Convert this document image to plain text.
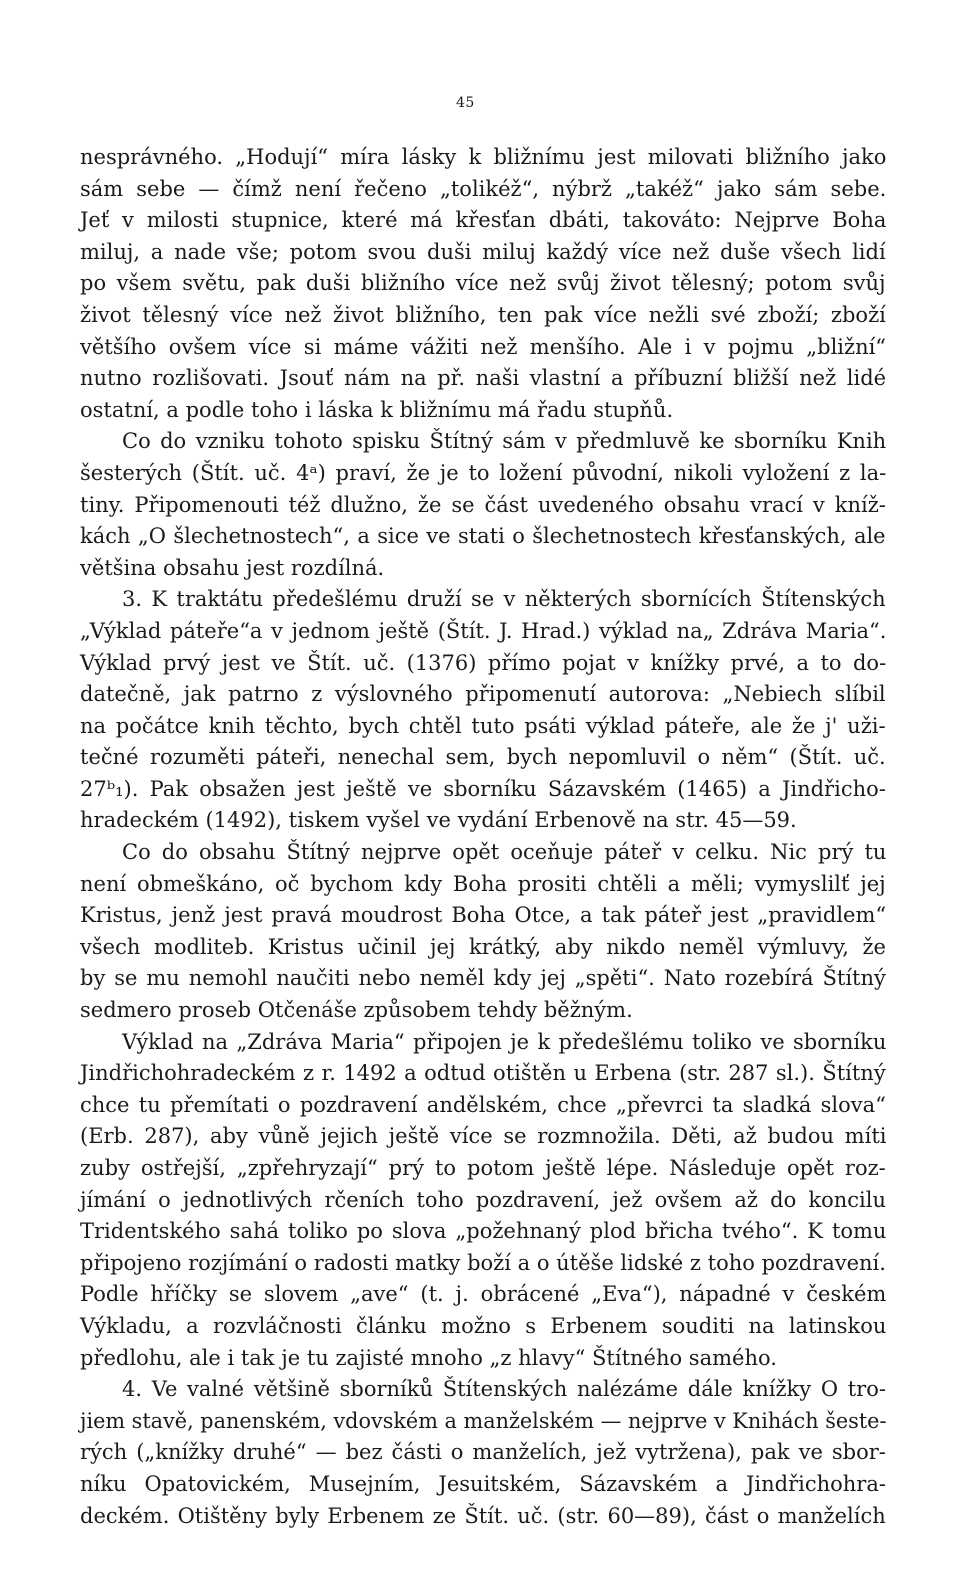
45
nesprávného. „Hodují“ míra lásky k bližnímu jest milovati bližního jako
sám sebe — čímž není řečeno „tolikéž“, nýbrž „takéž“ jako sám sebe.
Jeť v milosti stupnice, které má křesťan dbáti, takováto: Nejprve Boha
miluj, a nade vše; potom svou duši miluj každý více než duše všech lidí
po všem světu, pak duši bližního více než svůj život tělesný; potom svůj
život tělesný více než život bližního, ten pak více nežli své zboží; zboží
většího ovšem více si máme vážiti než menšího. Ale i v pojmu „bližní“
nutno rozlišovati. Jsouť nám na př. naši vlastní a příbuzní bližší než lidé
ostatní, a podle toho i láska k bližnímu má řadu stupňů.
Co do vzniku tohoto spisku Štítný sám v předmluvě ke sborníku Knih
šesterých (Štít. uč. 4ᵃ) praví, že je to ložení původní, nikoli vyložení z la-
tiny. Připomenouti též dlužno, že se část uvedeného obsahu vrací v kníž-
kách „O šlechetnostech“, a sice ve stati o šlechetnostech křesťanských, ale
většina obsahu jest rozdílná.
3. K traktátu předešlému druží se v některých sbornících Štítenských
„Výklad páteře“a v jednom ještě (Štít. J. Hrad.) výklad na„ Zdráva Maria“.
Výklad prvý jest ve Štít. uč. (1376) přímo pojat v knížky prvé, a to do-
datečně, jak patrno z výslovného připomenutí autorova: „Nebiech slíbil
na počátce knih těchto, bych chtěl tuto psáti výklad páteře, ale že j' uži-
tečné rozuměti páteři, nenechal sem, bych nepomluvil o něm“ (Štít. uč.
27ᵇ₁). Pak obsažen jest ještě ve sborníku Sázavském (1465) a Jindřicho-
hradeckém (1492), tiskem vyšel ve vydání Erbenově na str. 45—59.
Co do obsahu Štítný nejprve opět oceňuje páteř v celku. Nic prý tu
není obmeškáno, oč bychom kdy Boha prositi chtěli a měli; vymyslilť jej
Kristus, jenž jest pravá moudrost Boha Otce, a tak páteř jest „pravidlem“
všech modliteb. Kristus učinil jej krátký, aby nikdo neměl výmluvy, že
by se mu nemohl naučiti nebo neměl kdy jej „spěti“. Nato rozebírá Štítný
sedmero proseb Otčenáše způsobem tehdy běžným.
Výklad na „Zdráva Maria“ připojen je k předešlému toliko ve sborníku
Jindřichohradeckém z r. 1492 a odtud otištěn u Erbena (str. 287 sl.). Štítný
chce tu přemítati o pozdravení andělském, chce „převrci ta sladká slova“
(Erb. 287), aby vůně jejich ještě více se rozmnožila. Děti, až budou míti
zuby ostřejší, „zpřehryzají“ prý to potom ještě lépe. Následuje opět roz-
jímání o jednotlivých rčeních toho pozdravení, jež ovšem až do koncilu
Tridentského sahá toliko po slova „požehnaný plod břicha tvého“. K tomu
připojeno rozjímání o radosti matky boží a o útěše lidské z toho pozdravení.
Podle hříčky se slovem „ave“ (t. j. obrácené „Eva“), nápadné v českém
Výkladu, a rozvláčnosti článku možno s Erbenem souditi na latinskou
předlohu, ale i tak je tu zajisté mnoho „z hlavy“ Štítného samého.
4. Ve valné většině sborníků Štítenských nalézáme dále knížky O tro-
jiem stavě, panenském, vdovském a manželském — nejprve v Knihách šeste-
rých („knížky druhé“ — bez části o manželích, jež vytržena), pak ve sbor-
níku Opatovickém, Musejním, Jesuitském, Sázavském a Jindřichohra-
deckém. Otištěny byly Erbenem ze Štít. uč. (str. 60—89), část o manželích
